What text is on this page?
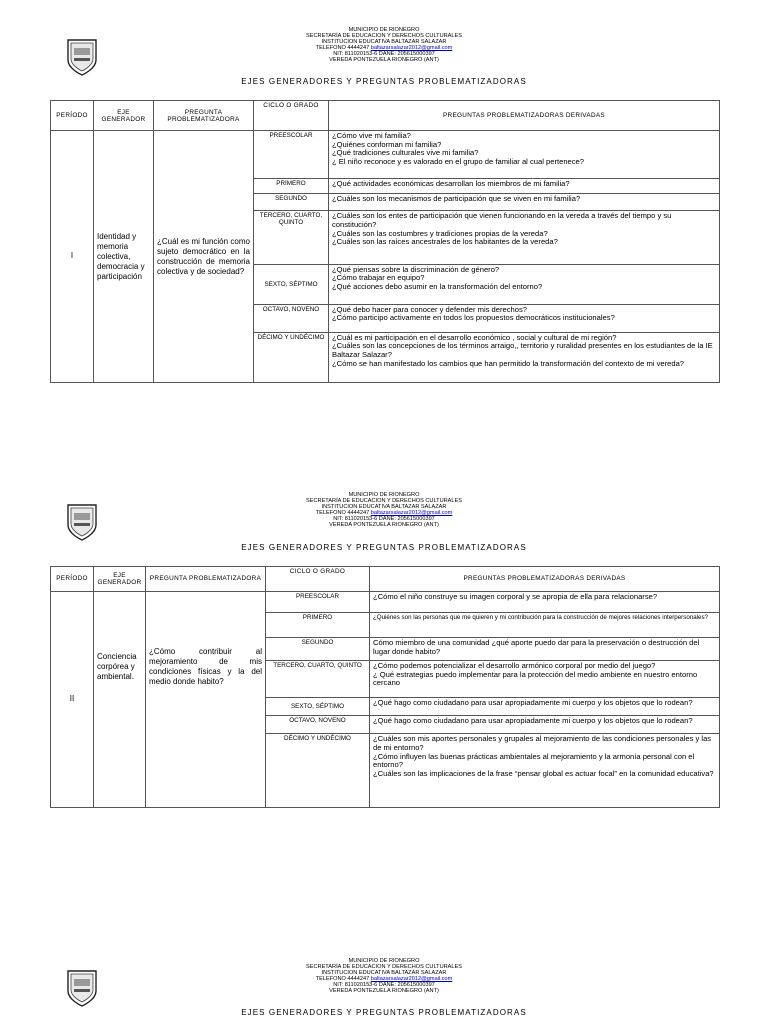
MUNICIPIO DE RIONEGRO
SECRETARÍA DE EDUCACION Y DERECHOS CULTURALES
INSTITUCION EDUCATIVA BALTAZAR SALAZAR
TELEFONO 4444247 baltazarsalazar2012@gmail.com
NIT: 811020153-6 DANE: 205615000397
VEREDA PONTEZUELA RIONEGRO (ANT)
EJES GENERADORES Y PREGUNTAS PROBLEMATIZADORAS
PERÍODO	EJE GENERADOR	PREGUNTA PROBLEMATIZADORA	CICLO O GRADO	PREGUNTAS PROBLEMATIZADORAS DERIVADAS
I	Identidad y memoria colectiva, democracia y participación	¿Cuál es mi función como sujeto democrático en la construcción de memoria colectiva y de sociedad?	PREESCOLAR	¿Cómo vive mi familia?
¿Quiénes conforman mi familia?
¿Qué tradiciones culturales vive mi familia?
¿ El niño reconoce y es valorado en el grupo de familiar al cual pertenece?

			PRIMERO	¿Qué actividades económicas desarrollan los miembros de mi familia?

			SEGUNDO	¿Cuáles son los mecanismos de participación que se viven en mi familia?

			TERCERO, CUARTO, QUINTO	¿Cuáles son los entes de participación que vienen funcionando en la vereda a través del tiempo y su constitución?
¿Cuáles son las costumbres y tradiciones propias de la vereda?
¿Cuáles son las raíces ancestrales de los habitantes de la vereda?

			SEXTO, SÉPTIMO	¿Qué piensas sobre la discriminación de género?
¿Cómo trabajar en equipo?
¿Qué acciones debo asumir en la transformación del entorno?

			OCTAVO, NOVENO	¿Qué debo hacer para conocer y defender mis derechos?
¿Cómo participo activamente en todos los propuestos democráticos institucionales?

			DÉCIMO Y UNDÉCIMO	¿Cuál es mi participación en el desarrollo económico , social y cultural de mi región?
¿Cuáles son las concepciones de los términos arraigo,, territorio y ruralidad presentes en los estudiantes de la IE Baltazar Salazar?
¿Cómo se han manifestado los cambios que han permitido la transformación del contexto de mi vereda?
MUNICIPIO DE RIONEGRO
SECRETARÍA DE EDUCACION Y DERECHOS CULTURALES
INSTITUCION EDUCATIVA BALTAZAR SALAZAR
TELEFONO 4444247 baltazarsalazar2012@gmail.com
NIT: 811020153-6 DANE: 205615000397
VEREDA PONTEZUELA RIONEGRO (ANT)
EJES GENERADORES Y PREGUNTAS PROBLEMATIZADORAS
PERÍODO	EJE GENERADOR	PREGUNTA PROBLEMATIZADORA	CICLO O GRADO	PREGUNTAS PROBLEMATIZADORAS DERIVADAS
II	Conciencia corpórea y ambiental.	¿Cómo contribuir al mejoramiento de mis condiciones físicas y la del medio donde habito?	PREESCOLAR	¿Cómo el niño construye su imagen corporal y se apropia de ella para relacionarse?

			PRIMERO	¿Quiénes son las personas que me quieren y mi contribución para la construcción de mejores relaciones interpersonales?

			SEGUNDO	Cómo miembro de una comunidad ¿qué aporte puedo dar para la preservación o destrucción del lugar donde habito?

			TERCERO, CUARTO, QUINTO	¿Cómo podemos potencializar el desarrollo armónico corporal por medio del juego?
¿ Qué estrategias puedo implementar para la protección del medio ambiente en nuestro entorno cercano

			SEXTO, SÉPTIMO	¿Qué hago como ciudadano para usar apropiadamente mi cuerpo y los objetos que lo rodean?

			OCTAVO, NOVENO	¿Qué hago como ciudadano para usar apropiadamente mi cuerpo y los objetos que lo rodean?

			DÉCIMO Y UNDÉCIMO	¿Cuáles son mis aportes personales y grupales al mejoramiento de las condiciones personales y las de mi entorno?
¿Cómo influyen las buenas prácticas ambientales al mejoramiento y la armonía personal con el entorno?
¿Cuáles son las implicaciones de la frase “pensar global es actuar focal” en la comunidad educativa?
MUNICIPIO DE RIONEGRO
SECRETARÍA DE EDUCACION Y DERECHOS CULTURALES
INSTITUCION EDUCATIVA BALTAZAR SALAZAR
TELEFONO 4444247 baltazarsalazar2012@gmail.com
NIT: 811020153-6 DANE: 205615000397
VEREDA PONTEZUELA RIONEGRO (ANT)
EJES GENERADORES Y PREGUNTAS PROBLEMATIZADORAS
